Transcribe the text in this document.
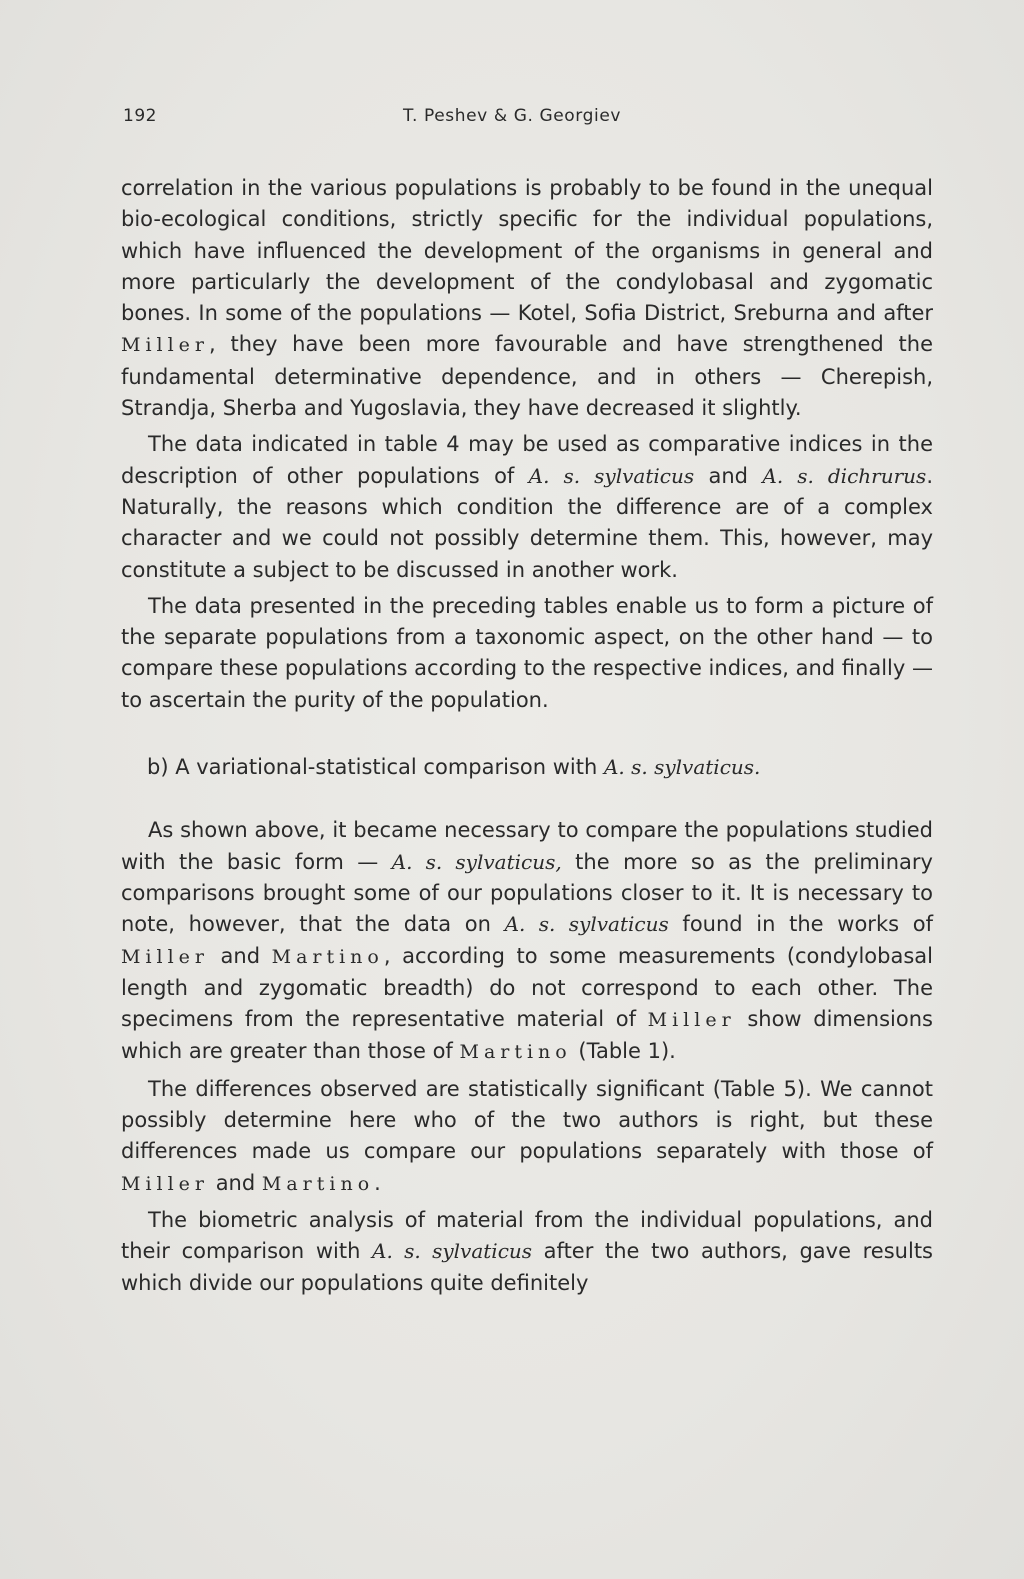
192	T. Peshev & G. Georgiev

correlation in the various populations is probably to be found in the unequal bio-ecological conditions, strictly specific for the individual populations, which have influenced the development of the organisms in general and more particularly the development of the condylobasal and zygomatic bones. In some of the populations — Kotel, Sofia District, Sreburna and after Miller, they have been more favourable and have strengthened the fundamental determinative dependence, and in others — Cherepish, Strandja, Sherba and Yugoslavia, they have decreased it slightly.

The data indicated in table 4 may be used as comparative indices in the description of other populations of A. s. sylvaticus and A. s. dichrurus. Naturally, the reasons which condition the difference are of a complex character and we could not possibly determine them. This, however, may constitute a subject to be discussed in another work.

The data presented in the preceding tables enable us to form a picture of the separate populations from a taxonomic aspect, on the other hand — to compare these populations according to the respective indices, and finally — to ascertain the purity of the population.

b) A variational-statistical comparison with A. s. sylvaticus.

As shown above, it became necessary to compare the populations studied with the basic form — A. s. sylvaticus, the more so as the preliminary comparisons brought some of our populations closer to it. It is necessary to note, however, that the data on A. s. sylvaticus found in the works of Miller and Martino, according to some measurements (condylobasal length and zygomatic breadth) do not correspond to each other. The specimens from the representative material of Miller show dimensions which are greater than those of Martino (Table 1).

The differences observed are statistically significant (Table 5). We cannot possibly determine here who of the two authors is right, but these differences made us compare our populations separately with those of Miller and Martino.

The biometric analysis of material from the individual populations, and their comparison with A. s. sylvaticus after the two authors, gave results which divide our populations quite definitely
